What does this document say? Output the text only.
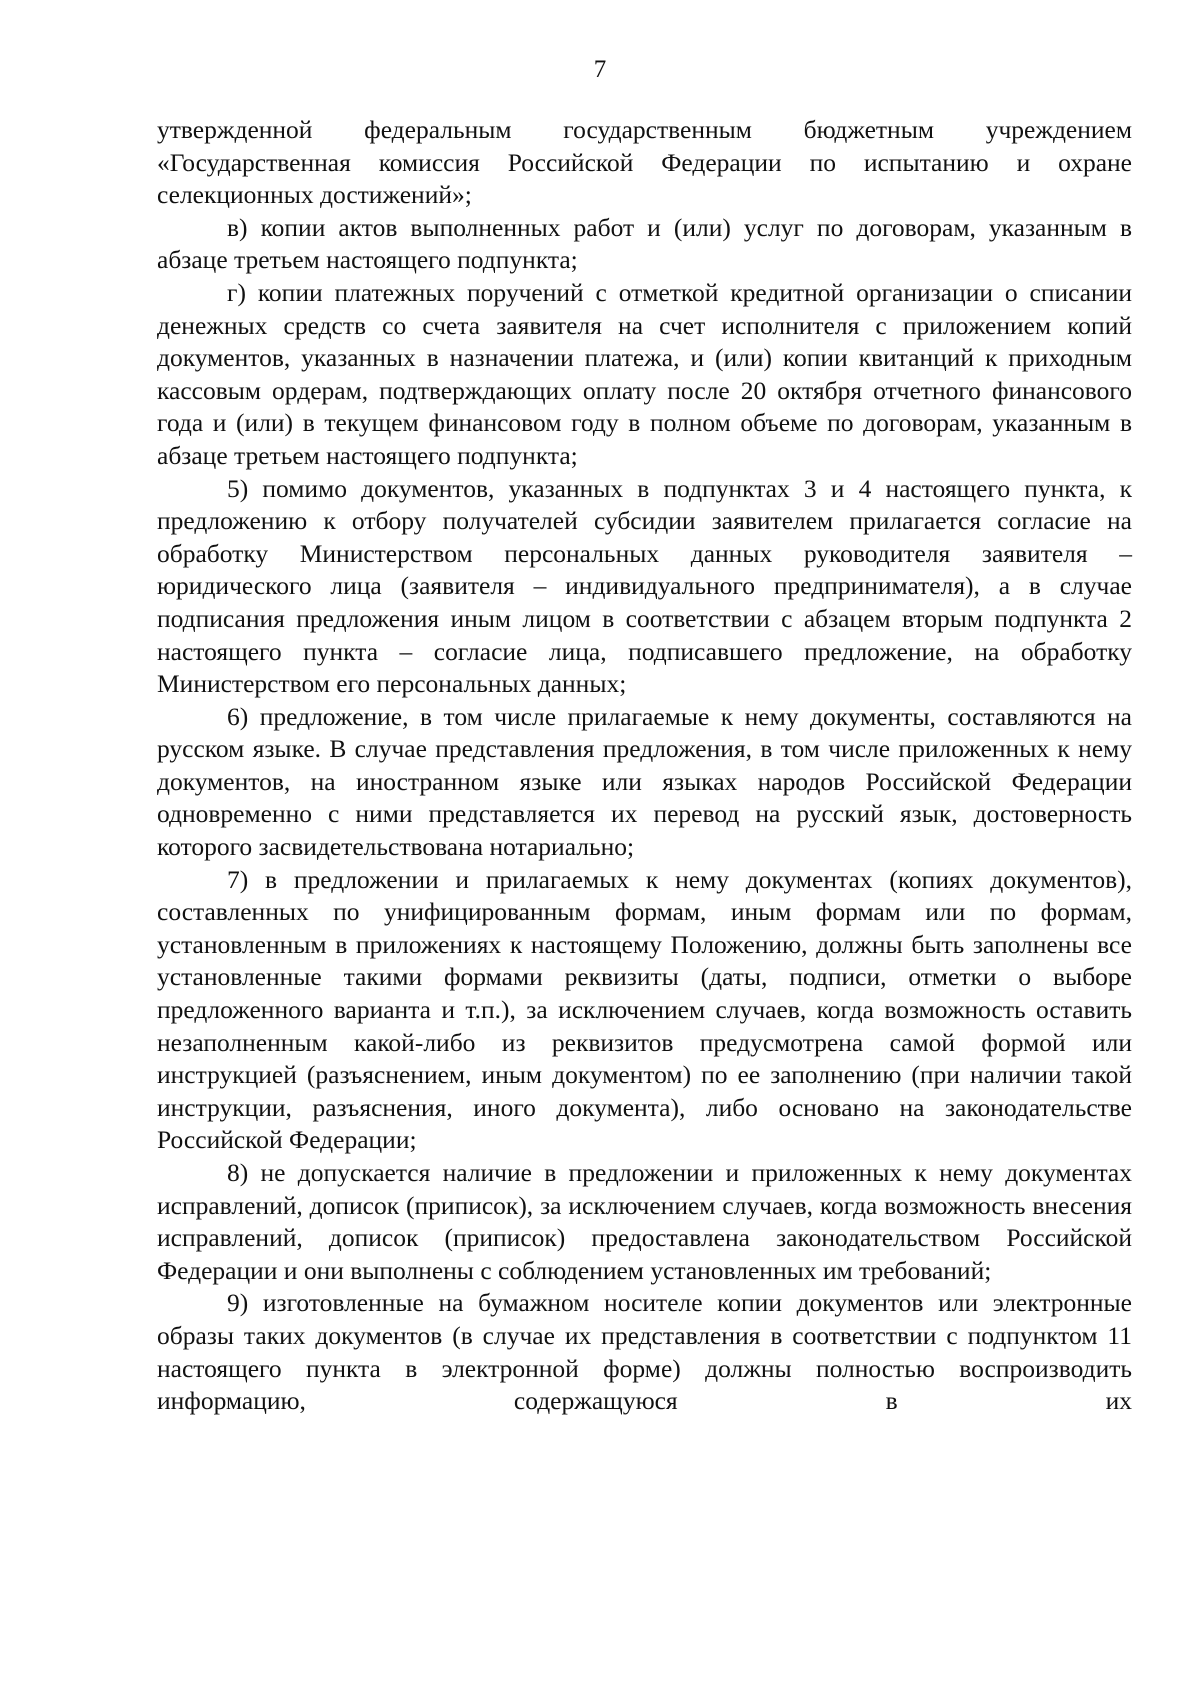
7

утвержденной федеральным государственным бюджетным учреждением «Государственная комиссия Российской Федерации по испытанию и охране селекционных достижений»;

в) копии актов выполненных работ и (или) услуг по договорам, указанным в абзаце третьем настоящего подпункта;

г) копии платежных поручений с отметкой кредитной организации о списании денежных средств со счета заявителя на счет исполнителя с приложением копий документов, указанных в назначении платежа, и (или) копии квитанций к приходным кассовым ордерам, подтверждающих оплату после 20 октября отчетного финансового года и (или) в текущем финансовом году в полном объеме по договорам, указанным в абзаце третьем настоящего подпункта;

5) помимо документов, указанных в подпунктах 3 и 4 настоящего пункта, к предложению к отбору получателей субсидии заявителем прилагается согласие на обработку Министерством персональных данных руководителя заявителя – юридического лица (заявителя – индивидуального предпринимателя), а в случае подписания предложения иным лицом в соответствии с абзацем вторым подпункта 2 настоящего пункта – согласие лица, подписавшего предложение, на обработку Министерством его персональных данных;

6) предложение, в том числе прилагаемые к нему документы, составляются на русском языке. В случае представления предложения, в том числе приложенных к нему документов, на иностранном языке или языках народов Российской Федерации одновременно с ними представляется их перевод на русский язык, достоверность которого засвидетельствована нотариально;

7) в предложении и прилагаемых к нему документах (копиях документов), составленных по унифицированным формам, иным формам или по формам, установленным в приложениях к настоящему Положению, должны быть заполнены все установленные такими формами реквизиты (даты, подписи, отметки о выборе предложенного варианта и т.п.), за исключением случаев, когда возможность оставить незаполненным какой-либо из реквизитов предусмотрена самой формой или инструкцией (разъяснением, иным документом) по ее заполнению (при наличии такой инструкции, разъяснения, иного документа), либо основано на законодательстве Российской Федерации;

8) не допускается наличие в предложении и приложенных к нему документах исправлений, дописок (приписок), за исключением случаев, когда возможность внесения исправлений, дописок (приписок) предоставлена законодательством Российской Федерации и они выполнены с соблюдением установленных им требований;

9) изготовленные на бумажном носителе копии документов или электронные образы таких документов (в случае их представления в соответствии с подпунктом 11 настоящего пункта в электронной форме) должны полностью воспроизводить информацию, содержащуюся в их
